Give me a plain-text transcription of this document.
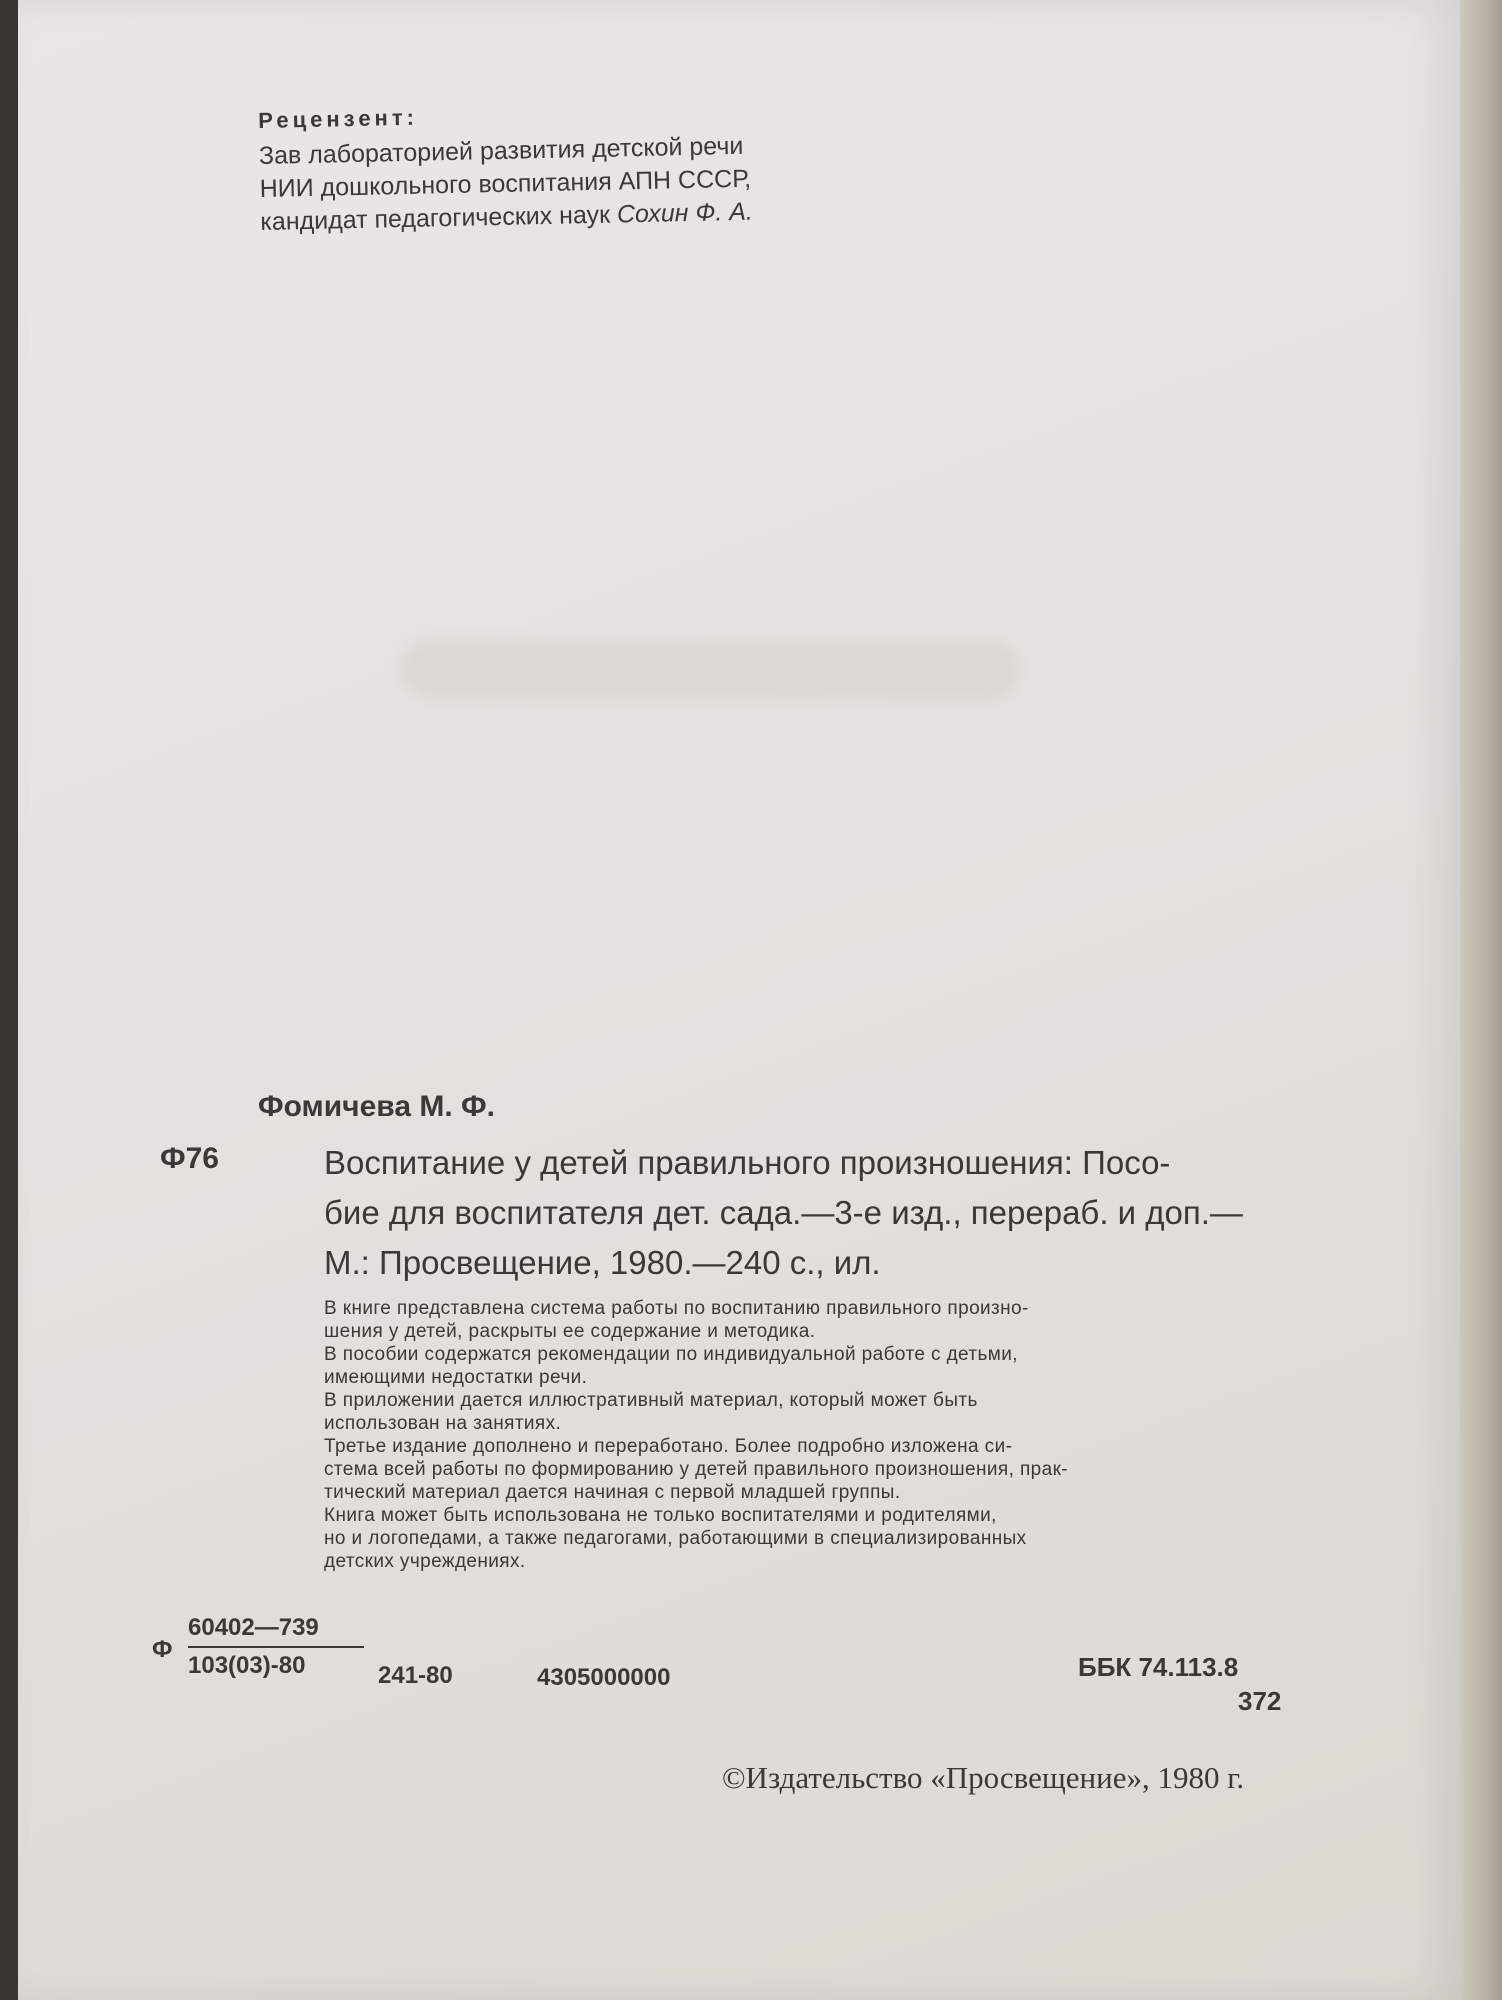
Рецензент:

Зав лабораторией развития детской речи

НИИ дошкольного воспитания АПН СССР,

кандидат педагогических наук Сохин Ф. А.

Фомичева М. Ф.

Ф76	Воспитание у детей правильного произношения: Посо-
бие для воспитателя дет. сада.—3-е изд., перераб. и доп.—
М.: Просвещение, 1980.—240 с., ил.
В книге представлена система работы по воспитанию правильного произно-
шения у детей, раскрыты ее содержание и методика.
В пособии содержатся рекомендации по индивидуальной работе с детьми,
имеющими недостатки речи.
В приложении дается иллюстративный материал, который может быть
использован на занятиях.
Третье издание дополнено и переработано. Более подробно изложена си-
стема всей работы по формированию у детей правильного произношения, прак-
тический материал дается начиная с первой младшей группы.
Книга может быть использована не только воспитателями и родителями,
но и логопедами, а также педагогами, работающими в специализированных
детских учреждениях.

Ф

60402—739
103(03)-80	241-80	4305000000	ББК 74.113.8
372

©Издательство «Просвещение», 1980 г.
